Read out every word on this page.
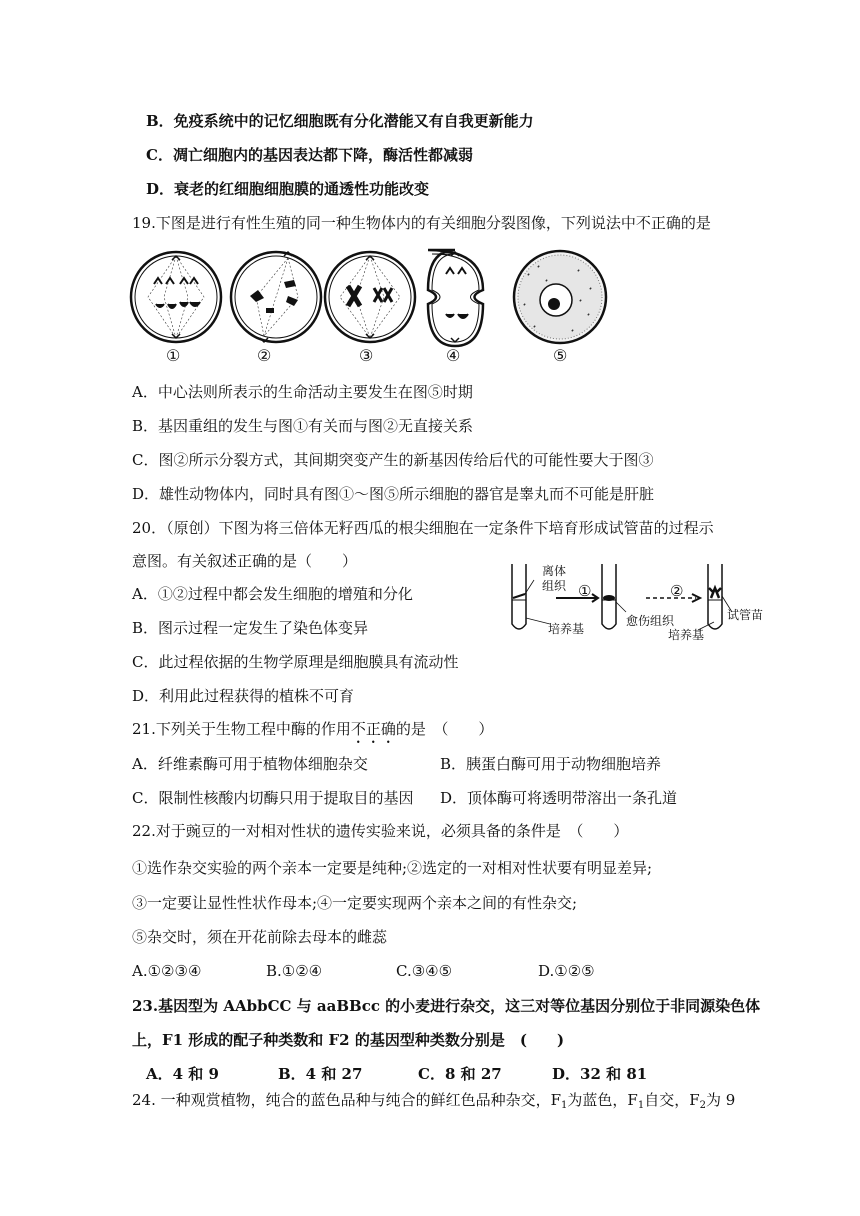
B．免疫系统中的记忆细胞既有分化潜能又有自我更新能力
C．凋亡细胞内的基因表达都下降，酶活性都减弱
D．衰老的红细胞细胞膜的通透性功能改变
19.下图是进行有性生殖的同一种生物体内的有关细胞分裂图像，下列说法中不正确的是
①	②	③	④	⑤
A．中心法则所表示的生命活动主要发生在图⑤时期
B．基因重组的发生与图①有关而与图②无直接关系
C．图②所示分裂方式，其间期突变产生的新基因传给后代的可能性要大于图③
D．雄性动物体内，同时具有图①～图⑤所示细胞的器官是睾丸而不可能是肝脏
20．（原创）下图为将三倍体无籽西瓜的根尖细胞在一定条件下培育形成试管苗的过程示
意图。有关叙述正确的是（　　）
离体
组织 ①	②
愈伤组织	试管苗
培养基	培养基
A．①②过程中都会发生细胞的增殖和分化
B．图示过程一定发生了染色体变异
C．此过程依据的生物学原理是细胞膜具有流动性
D．利用此过程获得的植株不可育
21.下列关于生物工程中酶的作用不正确的是　（　　）
A．纤维素酶可用于植物体细胞杂交	B．胰蛋白酶可用于动物细胞培养
C．限制性核酸内切酶只用于提取目的基因 D．顶体酶可将透明带溶出一条孔道
22.对于豌豆的一对相对性状的遗传实验来说，必须具备的条件是　（　　）
①选作杂交实验的两个亲本一定要是纯种;②选定的一对相对性状要有明显差异;
③一定要让显性性状作母本;④一定要实现两个亲本之间的有性杂交;
⑤杂交时，须在开花前除去母本的雌蕊
A.①②③④	B.①②④	C.③④⑤	D.①②⑤
23.基因型为 AAbbCC 与 aaBBcc 的小麦进行杂交，这三对等位基因分别位于非同源染色体
上，F1 形成的配子种类数和 F2 的基因型种类数分别是　(　　)
A．4 和 9	B．4 和 27	C．8 和 27	D．32 和 81
24. 一种观赏植物，纯合的蓝色品种与纯合的鲜红色品种杂交，$F_1$为蓝色，$F_1$自交，$F_2$为 9
